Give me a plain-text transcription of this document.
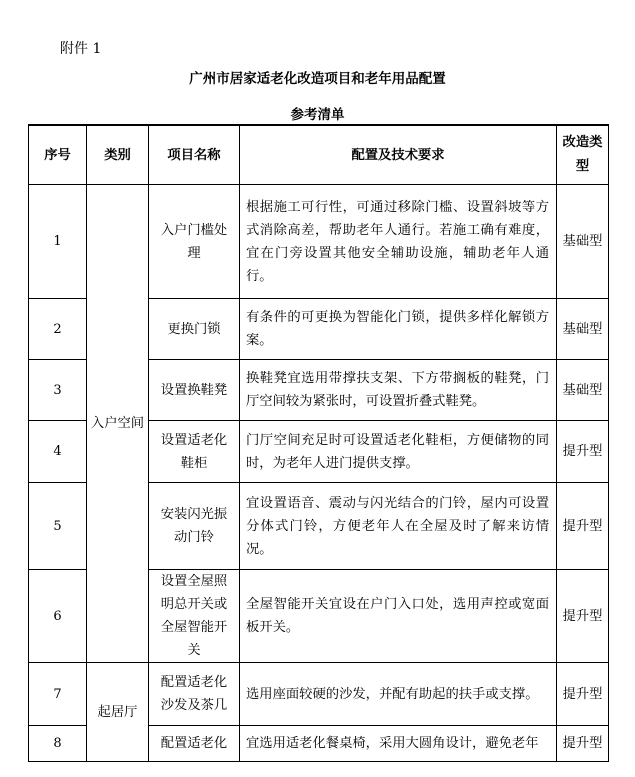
附件 1
广州市居家适老化改造项目和老年用品配置
参考清单
序号	类别	项目名称	配置及技术要求	改造类型
1	入户空间	入户门槛处理	根据施工可行性，可通过移除门槛、设置斜坡等方式消除高差，帮助老年人通行。若施工确有难度，宜在门旁设置其他安全辅助设施，辅助老年人通行。	基础型
2		更换门锁	有条件的可更换为智能化门锁，提供多样化解锁方案。	基础型
3		设置换鞋凳	换鞋凳宜选用带撑扶支架、下方带搁板的鞋凳，门厅空间较为紧张时，可设置折叠式鞋凳。	基础型
4		设置适老化鞋柜	门厅空间充足时可设置适老化鞋柜，方便储物的同时，为老年人进门提供支撑。	提升型
5		安装闪光振动门铃	宜设置语音、震动与闪光结合的门铃，屋内可设置分体式门铃，方便老年人在全屋及时了解来访情况。	提升型
6		设置全屋照明总开关或全屋智能开关	全屋智能开关宜设在户门入口处，选用声控或宽面板开关。	提升型
7	起居厅	配置适老化沙发及茶几	选用座面较硬的沙发，并配有助起的扶手或支撑。	提升型
8		配置适老化	宜选用适老化餐桌椅，采用大圆角设计，避免老年	提升型
